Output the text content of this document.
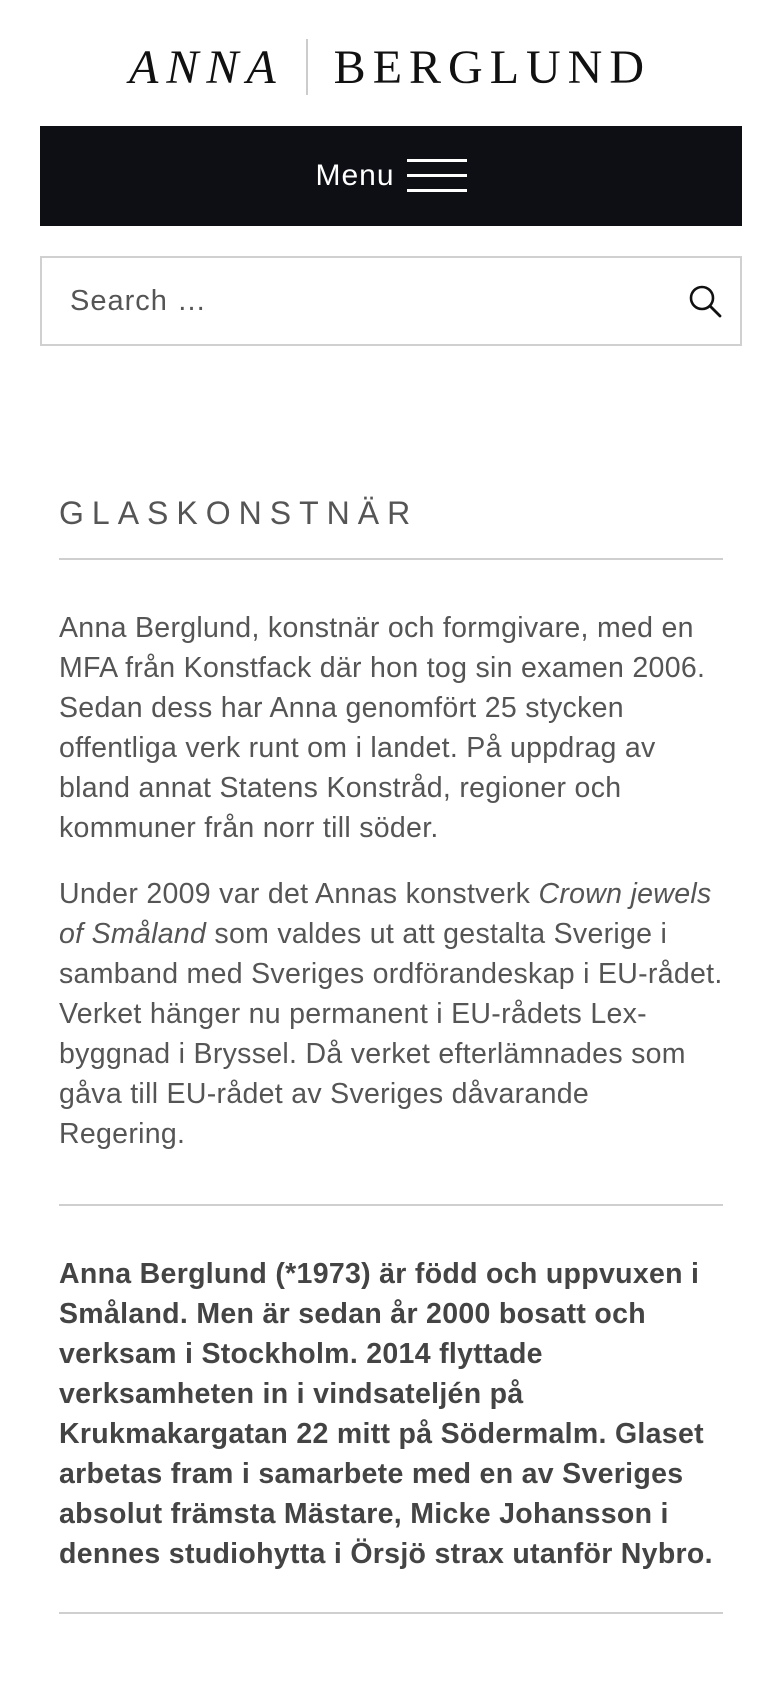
ANNA BERGLUND
Menu
Search …
GLASKONSTNÄR

Anna Berglund, konstnär och formgivare, med en MFA från Konstfack där hon tog sin examen 2006. Sedan dess har Anna genomfört 25 stycken offentliga verk runt om i landet. På uppdrag av bland annat Statens Konstråd, regioner och kommuner från norr till söder.

Under 2009 var det Annas konstverk Crown jewels of Småland som valdes ut att gestalta Sverige i samband med Sveriges ordförandeskap i EU-rådet. Verket hänger nu permanent i EU-rådets Lex-byggnad i Bryssel. Då verket efterlämnades som gåva till EU-rådet av Sveriges dåvarande Regering.

Anna Berglund (*1973) är född och uppvuxen i Småland. Men är sedan år 2000 bosatt och verksam i Stockholm. 2014 flyttade verksamheten in i vindsateljén på Krukmakargatan 22 mitt på Södermalm. Glaset arbetas fram i samarbete med en av Sveriges absolut främsta Mästare, Micke Johansson i dennes studiohytta i Örsjö strax utanför Nybro.
